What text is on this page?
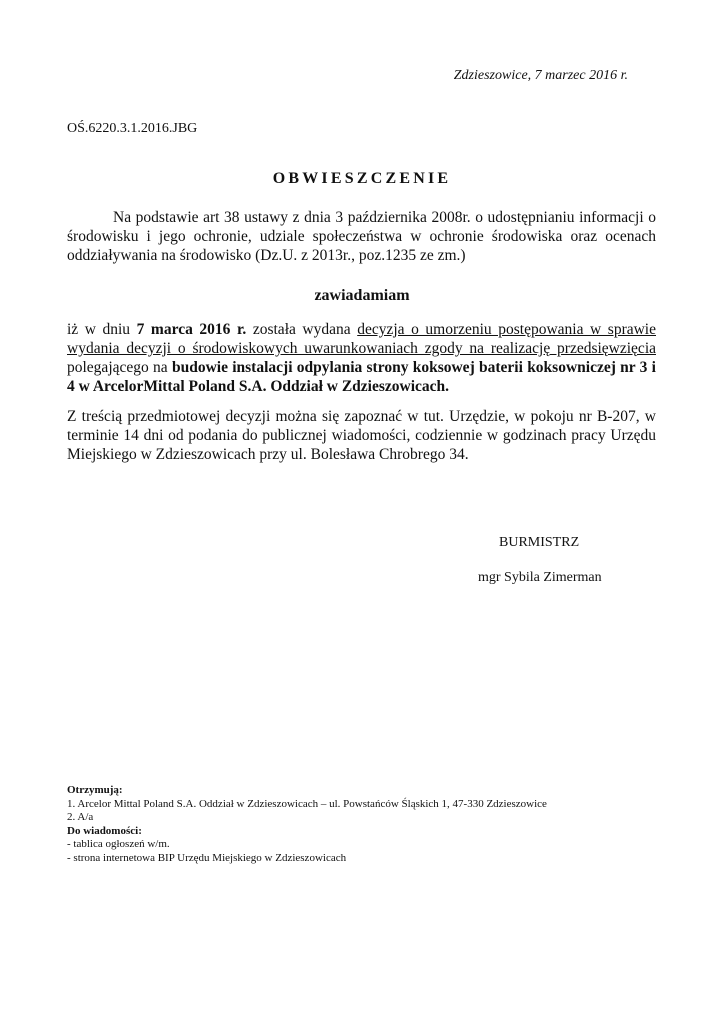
Zdzieszowice, 7 marzec 2016 r.
OŚ.6220.3.1.2016.JBG
OBWIESZCZENIE
Na podstawie art 38 ustawy z dnia 3 października 2008r. o udostępnianiu informacji o środowisku i jego ochronie, udziale społeczeństwa w ochronie środowiska oraz ocenach oddziaływania na środowisko (Dz.U. z 2013r., poz.1235 ze zm.)
zawiadamiam
iż w dniu 7 marca 2016 r. została wydana decyzja o umorzeniu postępowania w sprawie wydania decyzji o środowiskowych uwarunkowaniach zgody na realizację przedsięwzięcia polegającego na budowie instalacji odpylania strony koksowej baterii koksowniczej nr 3 i 4 w ArcelorMittal Poland S.A. Oddział w Zdzieszowicach.
Z treścią przedmiotowej decyzji można się zapoznać w tut. Urzędzie, w pokoju nr B-207, w terminie 14 dni od podania do publicznej wiadomości, codziennie w godzinach pracy Urzędu Miejskiego w Zdzieszowicach przy ul. Bolesława Chrobrego 34.
BURMISTRZ
mgr Sybila Zimerman
Otrzymują:
1. Arcelor Mittal Poland S.A. Oddział w Zdzieszowicach – ul. Powstańców Śląskich 1, 47-330 Zdzieszowice
2. A/a
Do wiadomości:
- tablica ogłoszeń w/m.
- strona internetowa BIP Urzędu Miejskiego w Zdzieszowicach
